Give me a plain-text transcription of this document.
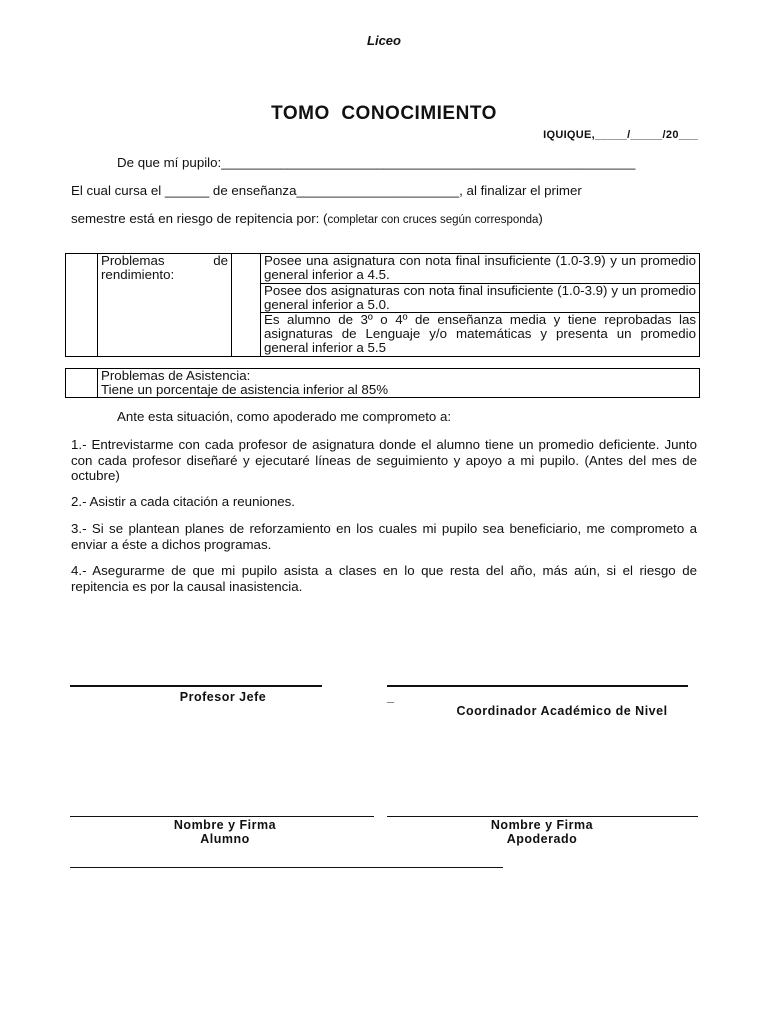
Liceo
TOMO  CONOCIMIENTO
IQUIQUE,_____/_____/20___
De que mí pupilo:________________________________________________________
El cual cursa el ______ de enseñanza______________________, al finalizar el primer
semestre está en riesgo de repitencia por: (completar con cruces según corresponda)
	Problemas de rendimiento:		Posee una asignatura con nota final insuficiente (1.0-3.9) y un promedio general inferior a 4.5.
Posee dos asignaturas con nota final insuficiente (1.0-3.9) y un promedio general inferior a 5.0.
Es alumno de 3º o 4º de enseñanza media y tiene reprobadas las asignaturas de Lenguaje y/o matemáticas y presenta un promedio general inferior a 5.5

Problemas de Asistencia:
Tiene un porcentaje de asistencia inferior al 85%
Ante esta situación, como apoderado me comprometo a:
1.- Entrevistarme con cada profesor de asignatura donde el alumno tiene un promedio deficiente. Junto con cada profesor diseñaré y ejecutaré líneas de seguimiento y apoyo a mi pupilo. (Antes del mes de octubre)
2.- Asistir a cada citación a reuniones.
3.- Si se plantean planes de reforzamiento en los cuales mi pupilo sea beneficiario, me comprometo a enviar a éste a dichos programas.
4.- Asegurarme de que mi pupilo asista a clases en lo que resta del año, más aún, si el riesgo de repitencia es por la causal inasistencia.
Profesor Jefe	_
Coordinador Académico de Nivel
Nombre y Firma
Alumno
Nombre y Firma
Apoderado
